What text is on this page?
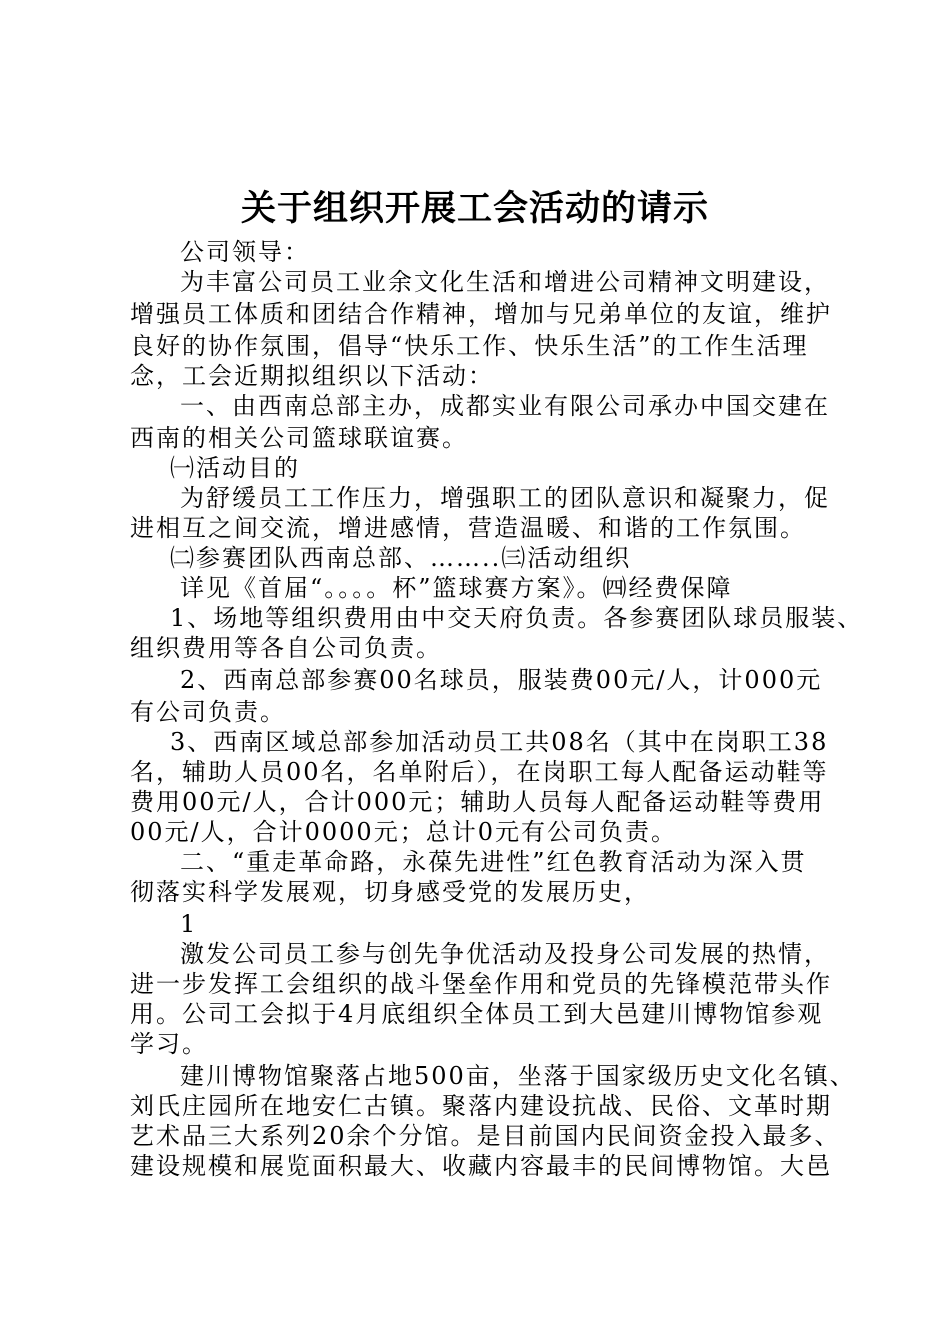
关于组织开展工会活动的请示
公司领导：
为丰富公司员工业余文化生活和增进公司精神文明建设，
增强员工体质和团结合作精神，增加与兄弟单位的友谊，维护
良好的协作氛围，倡导“快乐工作、快乐生活”的工作生活理
念，工会近期拟组织以下活动：
一、由西南总部主办，成都实业有限公司承办中国交建在
西南的相关公司篮球联谊赛。
㈠活动目的
为舒缓员工工作压力，增强职工的团队意识和凝聚力，促
进相互之间交流，增进感情，营造温暖、和谐的工作氛围。
㈡参赛团队西南总部、……..㈢活动组织
详见《首届“。。。。杯”篮球赛方案》。㈣经费保障
1、场地等组织费用由中交天府负责。各参赛团队球员服装、
组织费用等各自公司负责。
2、西南总部参赛00名球员，服装费00元/人，计000元
有公司负责。
3、西南区域总部参加活动员工共08名（其中在岗职工38
名，辅助人员00名，名单附后），在岗职工每人配备运动鞋等
费用00元/人，合计000元；辅助人员每人配备运动鞋等费用
00元/人，合计0000元；总计0元有公司负责。
二、“重走革命路，永葆先进性”红色教育活动为深入贯
彻落实科学发展观，切身感受党的发展历史，
1
激发公司员工参与创先争优活动及投身公司发展的热情，
进一步发挥工会组织的战斗堡垒作用和党员的先锋模范带头作
用。公司工会拟于4月底组织全体员工到大邑建川博物馆参观
学习。
建川博物馆聚落占地500亩，坐落于国家级历史文化名镇、
刘氏庄园所在地安仁古镇。聚落内建设抗战、民俗、文革时期
艺术品三大系列20余个分馆。是目前国内民间资金投入最多、
建设规模和展览面积最大、收藏内容最丰的民间博物馆。大邑
